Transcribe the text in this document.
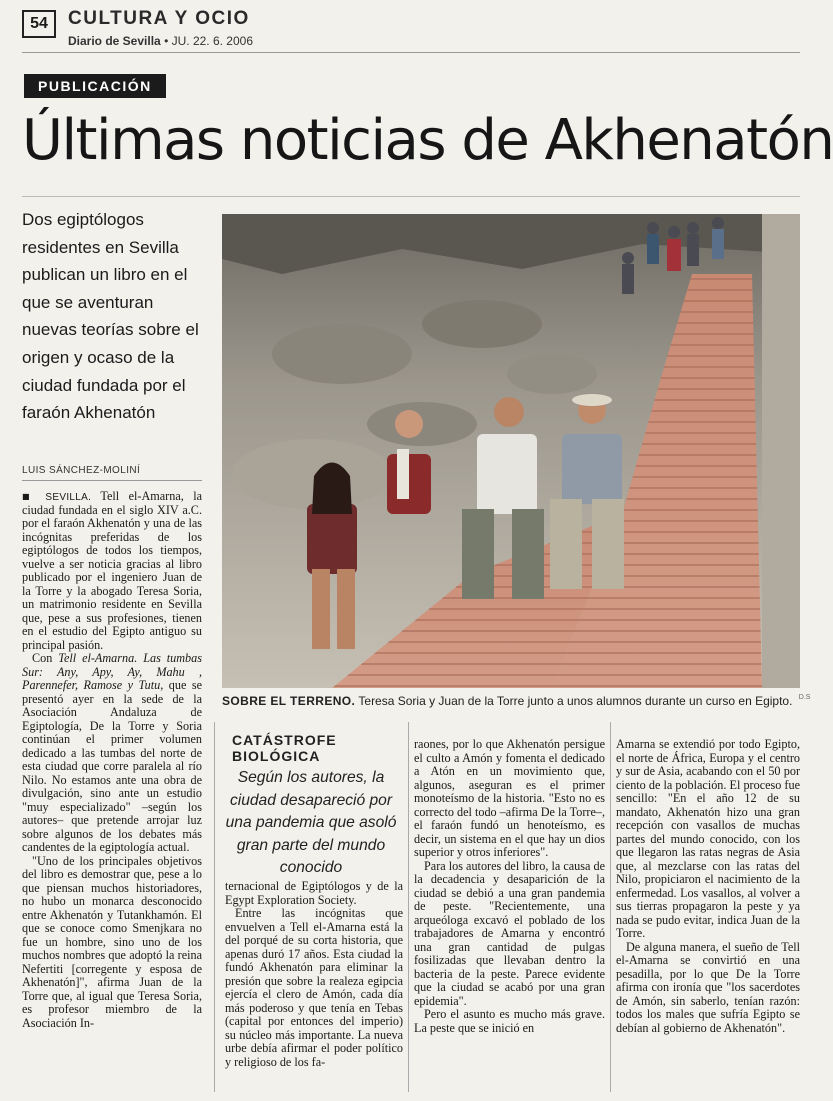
54	CULTURA Y OCIO
Diario de Sevilla • JU. 22. 6. 2006
PUBLICACIÓN
Últimas noticias de Akhenatón
Dos egiptólogos residentes en Sevilla publican un libro en el que se aventuran nuevas teorías sobre el origen y ocaso de la ciudad fundada por el faraón Akhenatón
SOBRE EL TERRENO. Teresa Soria y Juan de la Torre junto a unos alumnos durante un curso en Egipto. $^{D.S}$
LUIS SÁNCHEZ-MOLINÍ

■ SEVILLA. Tell el-Amarna, la ciudad fundada en el siglo XIV a.C. por el faraón Akhenatón y una de las incógnitas preferidas de los egiptólogos de todos los tiempos, vuelve a ser noticia gracias al libro publicado por el ingeniero Juan de la Torre y la abogado Teresa Soria, un matrimonio residente en Sevilla que, pese a sus profesiones, tienen en el estudio del Egipto antiguo su principal pasión.

Con Tell el-Amarna. Las tumbas Sur: Any, Apy, Ay, Mahu , Parennefer, Ramose y Tutu, que se presentó ayer en la sede de la Asociación Andaluza de Egiptología, De la Torre y Soria continúan el primer volumen dedicado a las tumbas del norte de esta ciudad que corre paralela al río Nilo. No estamos ante una obra de divulgación, sino ante un estudio "muy especializado" –según los autores– que pretende arrojar luz sobre algunos de los debates más candentes de la egiptología actual.

"Uno de los principales objetivos del libro es demostrar que, pese a lo que piensan muchos historiadores, no hubo un monarca desconocido entre Akhenatón y Tutankhamón. El que se conoce como Smenjkara no fue un hombre, sino uno de los muchos nombres que adoptó la reina Nefertiti [corregente y esposa de Akhenatón]", afirma Juan de la Torre que, al igual que Teresa Soria, es profesor miembro de la Asociación In-

CATÁSTROFE BIOLÓGICA
Según los autores, la ciudad desapareció por una pandemia que asoló gran parte del mundo conocido

ternacional de Egiptólogos y de la Egypt Exploration Society.

Entre las incógnitas que envuelven a Tell el-Amarna está la del porqué de su corta historia, que apenas duró 17 años. Esta ciudad la fundó Akhenatón para eliminar la presión que sobre la realeza egipcia ejercía el clero de Amón, cada día más poderoso y que tenía en Tebas (capital por entonces del imperio) su núcleo más importante. La nueva urbe debía afirmar el poder político y religioso de los fa-

raones, por lo que Akhenatón persigue el culto a Amón y fomenta el dedicado a Atón en un movimiento que, algunos, aseguran es el primer monoteísmo de la historia. "Esto no es correcto del todo –afirma De la Torre–, el faraón fundó un henoteísmo, es decir, un sistema en el que hay un dios superior y otros inferiores".

Para los autores del libro, la causa de la decadencia y desaparición de la ciudad se debió a una gran pandemia de peste. "Recientemente, una arqueóloga excavó el poblado de los trabajadores de Amarna y encontró una gran cantidad de pulgas fosilizadas que llevaban dentro la bacteria de la peste. Parece evidente que la ciudad se acabó por una gran epidemia".

Pero el asunto es mucho más grave. La peste que se inició en

Amarna se extendió por todo Egipto, el norte de África, Europa y el centro y sur de Asia, acabando con el 50 por ciento de la población. El proceso fue sencillo: "En el año 12 de su mandato, Akhenatón hizo una gran recepción con vasallos de muchas partes del mundo conocido, con los que llegaron las ratas negras de Asia que, al mezclarse con las ratas del Nilo, propiciaron el nacimiento de la enfermedad. Los vasallos, al volver a sus tierras propagaron la peste y ya nada se pudo evitar, indica Juan de la Torre.

De alguna manera, el sueño de Tell el-Amarna se convirtió en una pesadilla, por lo que De la Torre afirma con ironía que "los sacerdotes de Amón, sin saberlo, tenían razón: todos los males que sufría Egipto se debían al gobierno de Akhenatón".
